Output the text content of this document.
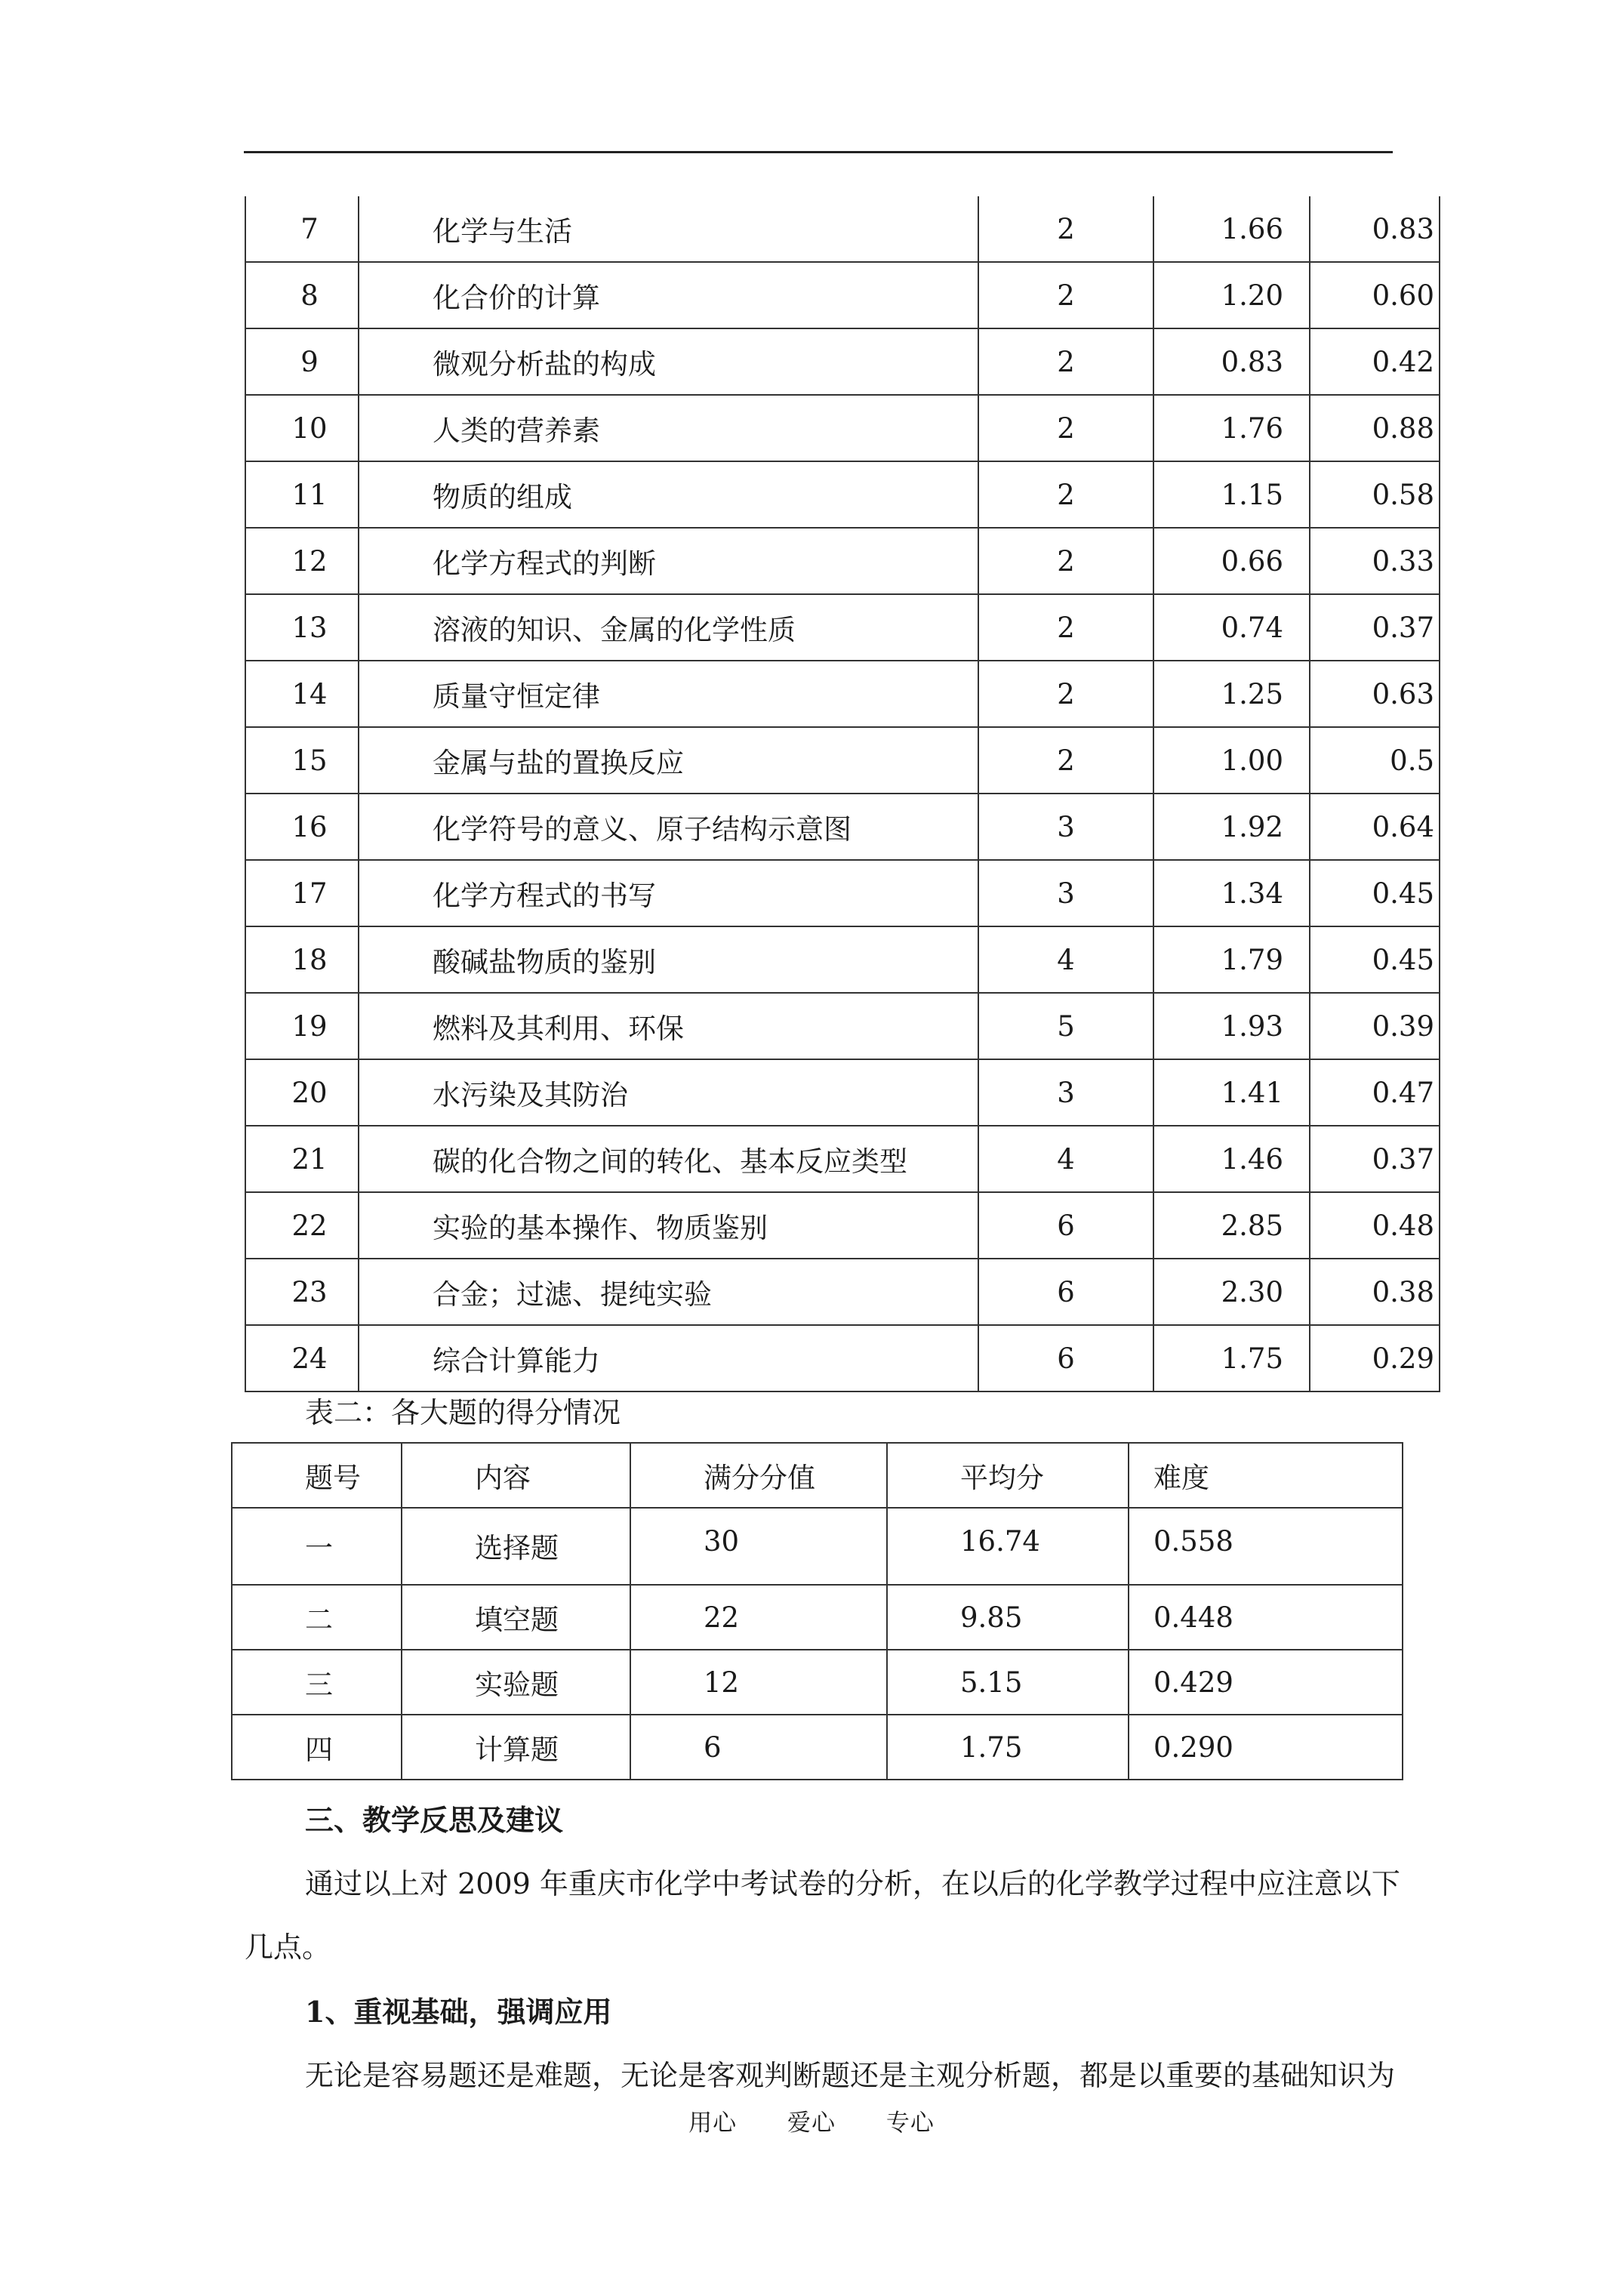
7	化学与生活	2	1.66	0.83
8	化合价的计算	2	1.20	0.60
9	微观分析盐的构成	2	0.83	0.42
10	人类的营养素	2	1.76	0.88
11	物质的组成	2	1.15	0.58
12	化学方程式的判断	2	0.66	0.33
13	溶液的知识、金属的化学性质	2	0.74	0.37
14	质量守恒定律	2	1.25	0.63
15	金属与盐的置换反应	2	1.00	0.5
16	化学符号的意义、原子结构示意图	3	1.92	0.64
17	化学方程式的书写	3	1.34	0.45
18	酸碱盐物质的鉴别	4	1.79	0.45
19	燃料及其利用、环保	5	1.93	0.39
20	水污染及其防治	3	1.41	0.47
21	碳的化合物之间的转化、基本反应类型	4	1.46	0.37
22	实验的基本操作、物质鉴别	6	2.85	0.48
23	合金；过滤、提纯实验	6	2.30	0.38
24	综合计算能力	6	1.75	0.29
表二：各大题的得分情况
题号	内容	满分分值	平均分	难度
一	选择题	30	16.74	0.558
二	填空题	22	9.85	0.448
三	实验题	12	5.15	0.429
四	计算题	6	1.75	0.290
三、教学反思及建议
通过以上对 2009 年重庆市化学中考试卷的分析，在以后的化学教学过程中应注意以下
几点。
1、重视基础，强调应用
无论是容易题还是难题，无论是客观判断题还是主观分析题，都是以重要的基础知识为
用心 爱心 专心
